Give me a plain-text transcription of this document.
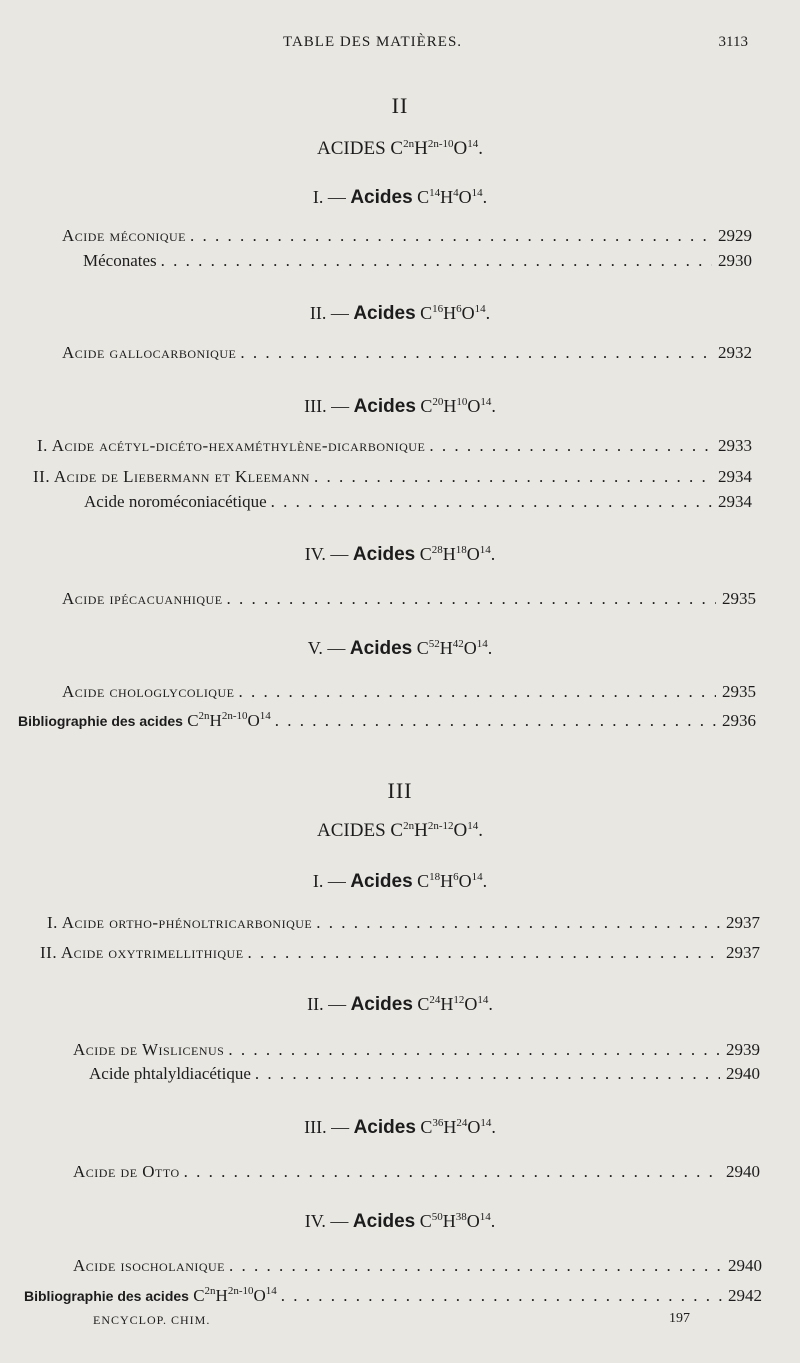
TABLE DES MATIÈRES.	3113
II
ACIDES $C^{2n}H^{2n-10}O^{14}$.
I. — Acides $C^{14}H^4O^{14}$.
Acide méconique . . .	2929
Méconates . . .	2930
II. — Acides $C^{16}H^6O^{14}$.
Acide gallocarbonique . . .	2932
III. — Acides $C^{20}H^{10}O^{14}$.
I. Acide acétyl-dicéto-hexaméthylène-dicarbonique . . .	2933
II. Acide de Liebermann et Kleemann . . .	2934
Acide noroméconiacétique . . .	2934
IV. — Acides $C^{28}H^{18}O^{14}$.
Acide ipécacuanhique . . .	2935
V. — Acides $C^{52}H^{42}O^{14}$.
Acide chologlycolique . . .	2935
Bibliographie des acides $C^{2n}H^{2n-10}O^{14}$ . . .	2936
III
ACIDES $C^{2n}H^{2n-12}O^{14}$.
I. — Acides $C^{18}H^6O^{14}$.
I. Acide ortho-phénoltricarbonique . . .	2937
II. Acide oxytrimellithique . . .	2937
II. — Acides $C^{24}H^{12}O^{14}$.
Acide de Wislicenus . . .	2939
Acide phtalyldiacétique . . .	2940
III. — Acides $C^{36}H^{24}O^{14}$.
Acide de Otto . . .	2940
IV. — Acides $C^{50}H^{38}O^{14}$.
Acide isocholanique . . .	2940
Bibliographie des acides $C^{2n}H^{2n-10}O^{14}$ . . .	2942
ENCYCLOP. CHIM.	197
